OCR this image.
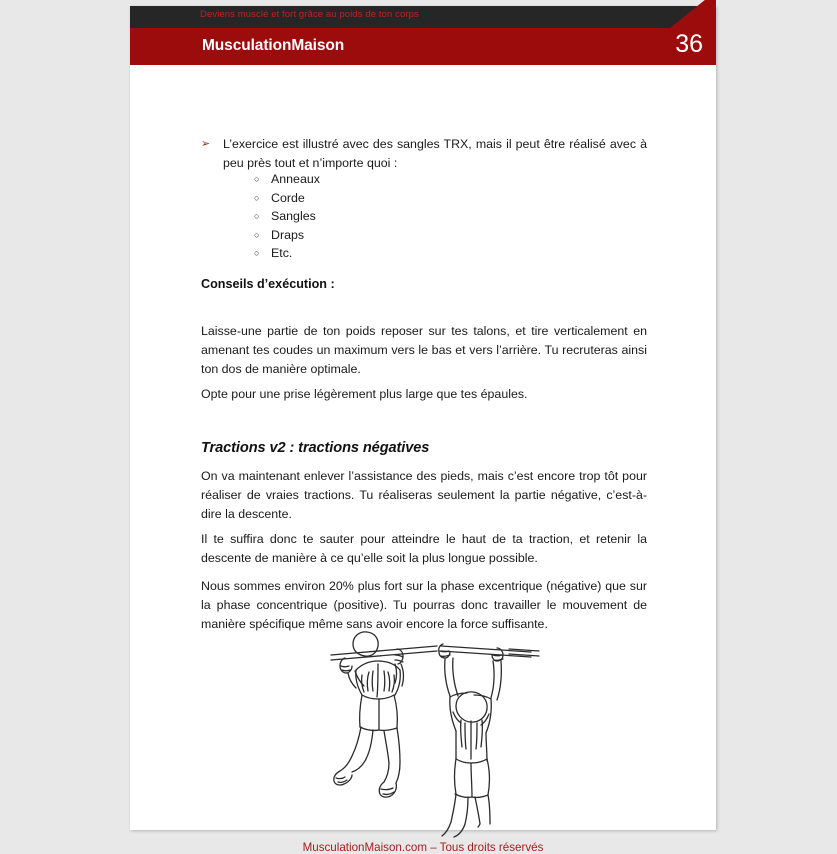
Deviens musclé et fort grâce au poids de ton corps
MusculationMaison
➢ L’exercice est illustré avec des sangles TRX, mais il peut être réalisé avec à peu près tout et n’importe quoi :
○ Anneaux
○ Corde
○ Sangles
○ Draps
○ Etc.
Conseils d’exécution :
Laisse-une partie de ton poids reposer sur tes talons, et tire verticalement en amenant tes coudes un maximum vers le bas et vers l’arrière. Tu recruteras ainsi ton dos de manière optimale.
Opte pour une prise légèrement plus large que tes épaules.
Tractions v2 : tractions négatives
On va maintenant enlever l’assistance des pieds, mais c’est encore trop tôt pour réaliser de vraies tractions. Tu réaliseras seulement la partie négative, c’est-à-dire la descente.
Il te suffira donc te sauter pour atteindre le haut de ta traction, et retenir la descente de manière à ce qu’elle soit la plus longue possible.
Nous sommes environ 20% plus fort sur la phase excentrique (négative) que sur la phase concentrique (positive). Tu pourras donc travailler le mouvement de manière spécifique même sans avoir encore la force suffisante.
MusculationMaison.com – Tous droits réservés
36
